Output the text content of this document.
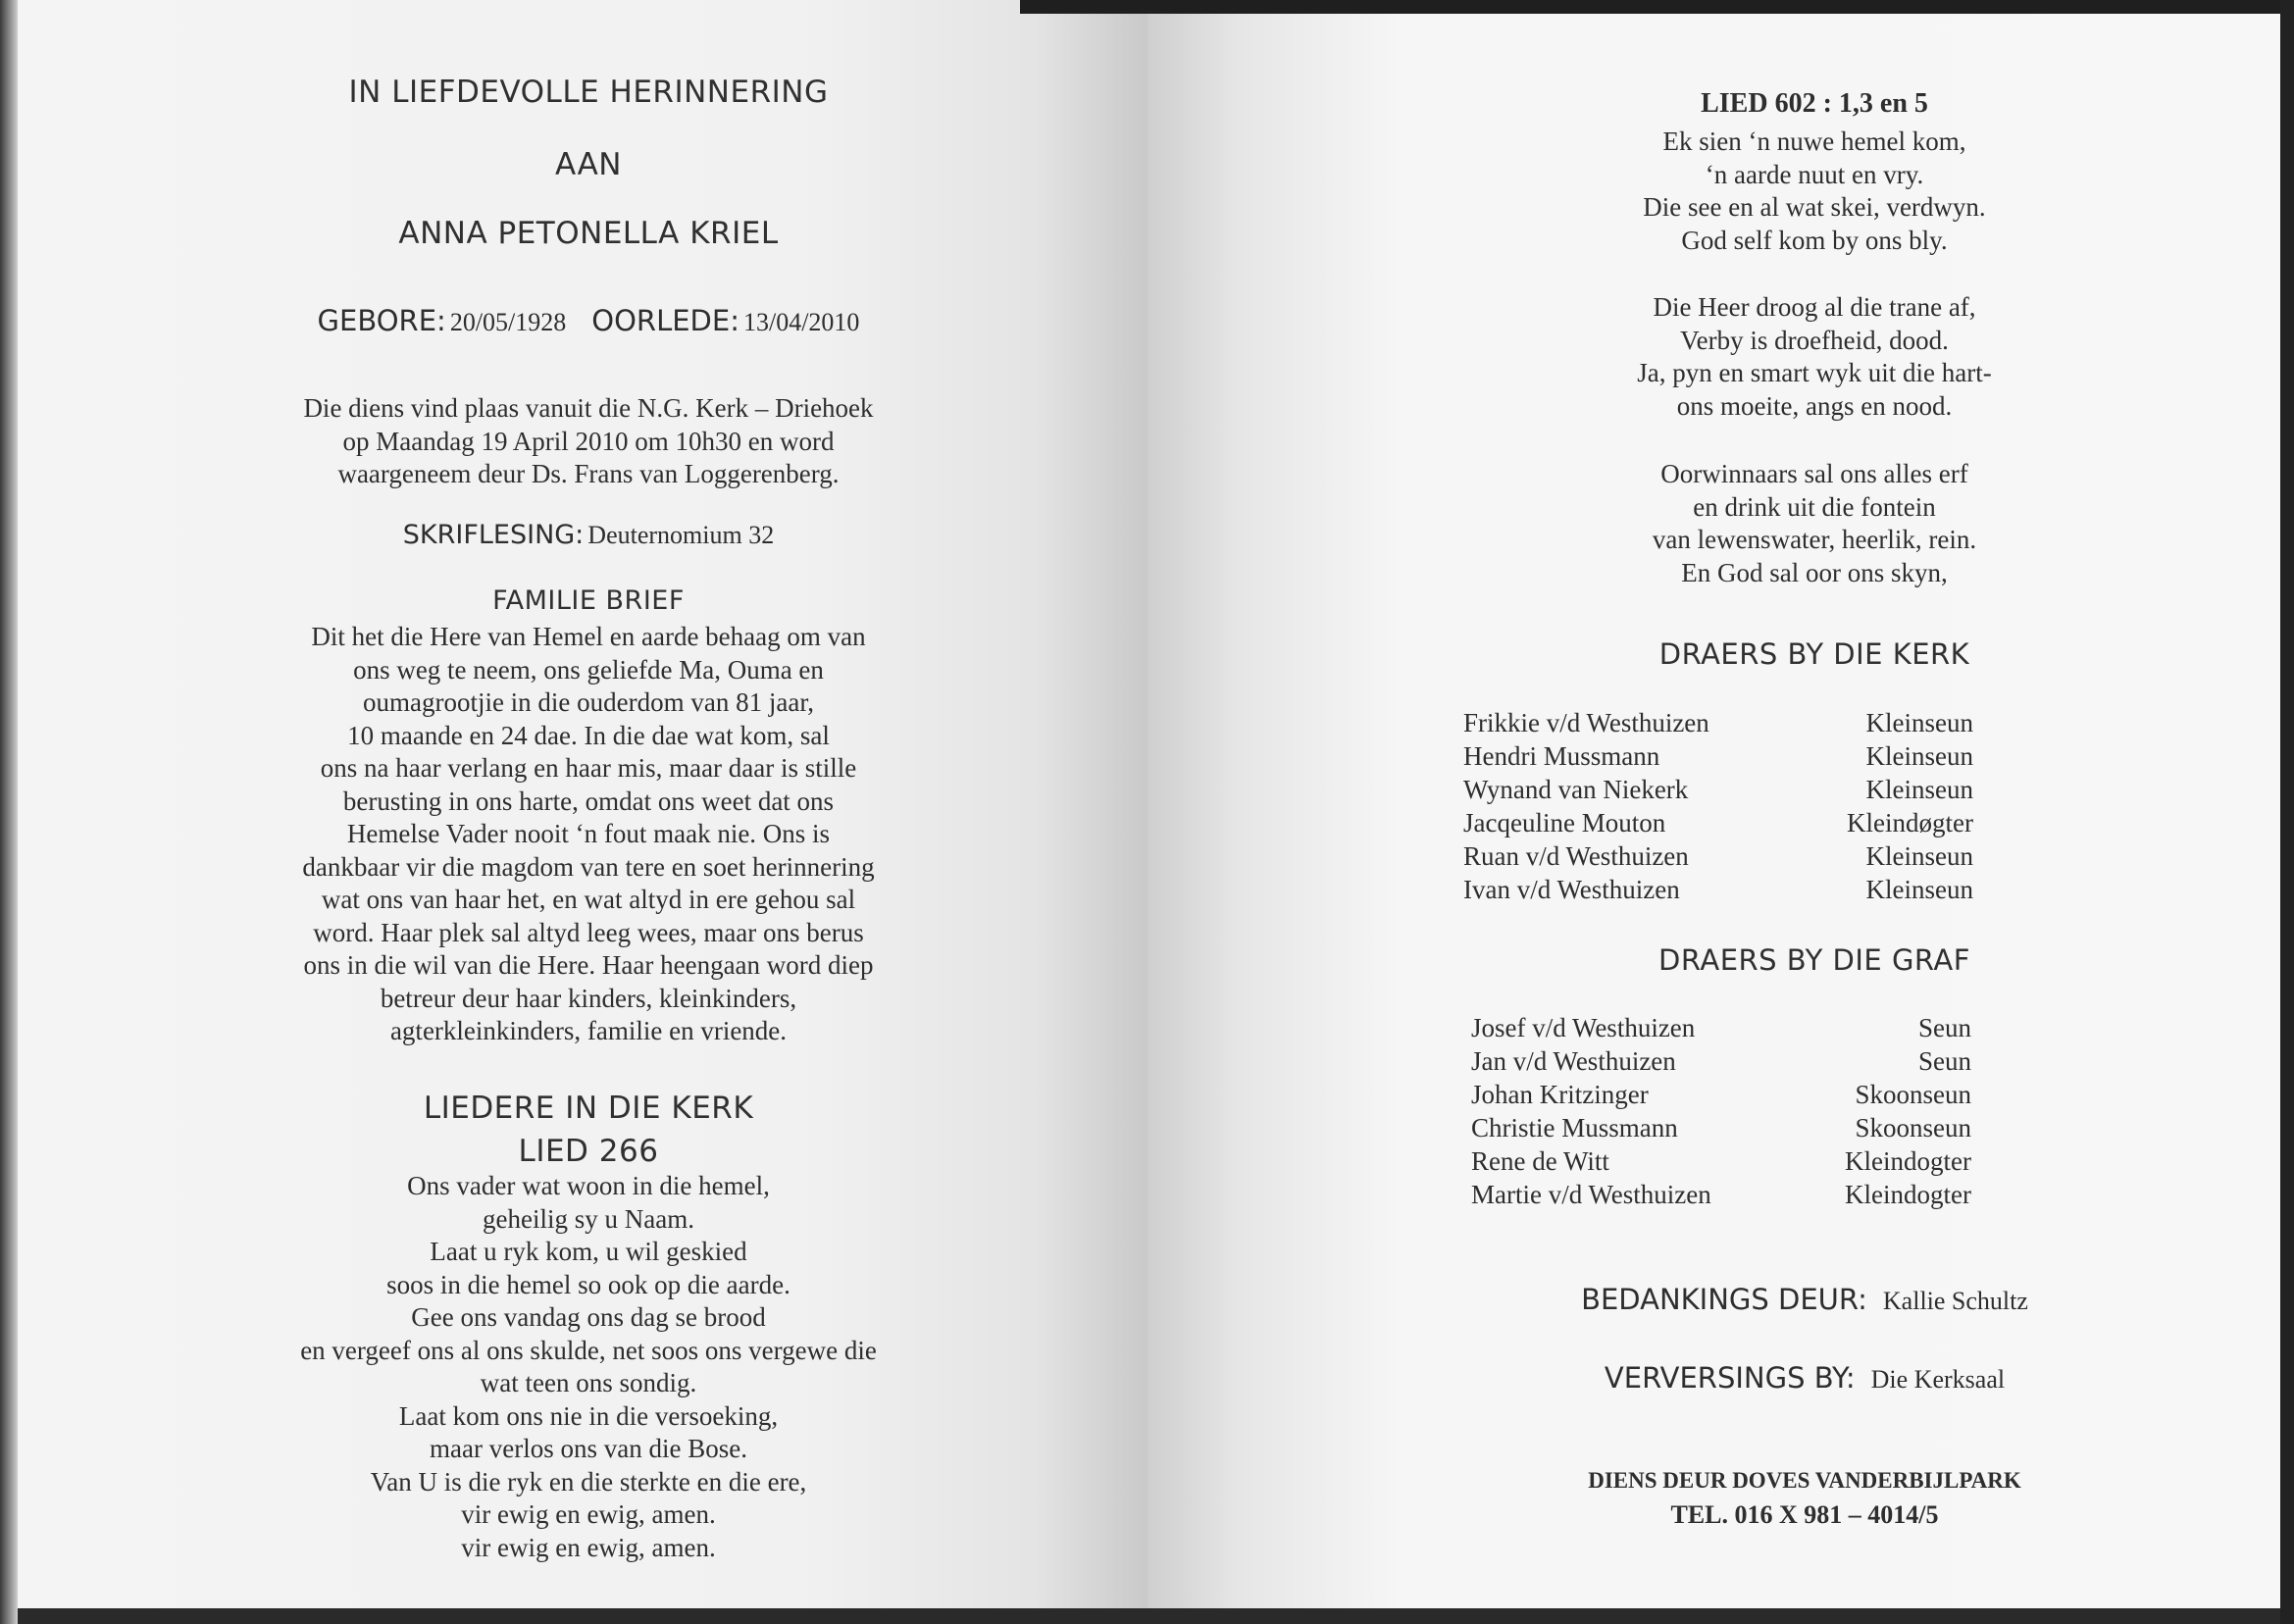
IN LIEFDEVOLLE HERINNERING
AAN
ANNA PETONELLA KRIEL
GEBORE: 20/05/1928 OORLEDE: 13/04/2010
Die diens vind plaas vanuit die N.G. Kerk – Driehoek
op Maandag 19 April 2010 om 10h30 en word
waargeneem deur Ds. Frans van Loggerenberg.
SKRIFLESING: Deuternomium 32
FAMILIE BRIEF
Dit het die Here van Hemel en aarde behaag om van
ons weg te neem, ons geliefde Ma, Ouma en
oumagrootjie in die ouderdom van 81 jaar,
10 maande en 24 dae. In die dae wat kom, sal
ons na haar verlang en haar mis, maar daar is stille
berusting in ons harte, omdat ons weet dat ons
Hemelse Vader nooit ‘n fout maak nie. Ons is
dankbaar vir die magdom van tere en soet herinnering
wat ons van haar het, en wat altyd in ere gehou sal
word. Haar plek sal altyd leeg wees, maar ons berus
ons in die wil van die Here. Haar heengaan word diep
betreur deur haar kinders, kleinkinders,
agterkleinkinders, familie en vriende.
LIEDERE IN DIE KERK
LIED 266
Ons vader wat woon in die hemel,
geheilig sy u Naam.
Laat u ryk kom, u wil geskied
soos in die hemel so ook op die aarde.
Gee ons vandag ons dag se brood
en vergeef ons al ons skulde, net soos ons vergewe die
wat teen ons sondig.
Laat kom ons nie in die versoeking,
maar verlos ons van die Bose.
Van U is die ryk en die sterkte en die ere,
vir ewig en ewig, amen.
vir ewig en ewig, amen.
LIED 602 : 1,3 en 5
Ek sien ‘n nuwe hemel kom,
‘n aarde nuut en vry.
Die see en al wat skei, verdwyn.
God self kom by ons bly.
Die Heer droog al die trane af,
Verby is droefheid, dood.
Ja, pyn en smart wyk uit die hart-
ons moeite, angs en nood.
Oorwinnaars sal ons alles erf
en drink uit die fontein
van lewenswater, heerlik, rein.
En God sal oor ons skyn,
DRAERS BY DIE KERK
Frikkie v/d Westhuizen	Kleinseun
Hendri Mussmann	Kleinseun
Wynand van Niekerk	Kleinseun
Jacqeuline Mouton	Kleindøgter
Ruan v/d Westhuizen	Kleinseun
Ivan v/d Westhuizen	Kleinseun
DRAERS BY DIE GRAF
Josef v/d Westhuizen	Seun
Jan v/d Westhuizen	Seun
Johan Kritzinger	Skoonseun
Christie Mussmann	Skoonseun
Rene de Witt	Kleindogter
Martie v/d Westhuizen	Kleindogter
BEDANKINGS DEUR: Kallie Schultz
VERVERSINGS BY: Die Kerksaal
DIENS DEUR DOVES VANDERBIJLPARK
TEL. 016 X 981 – 4014/5
